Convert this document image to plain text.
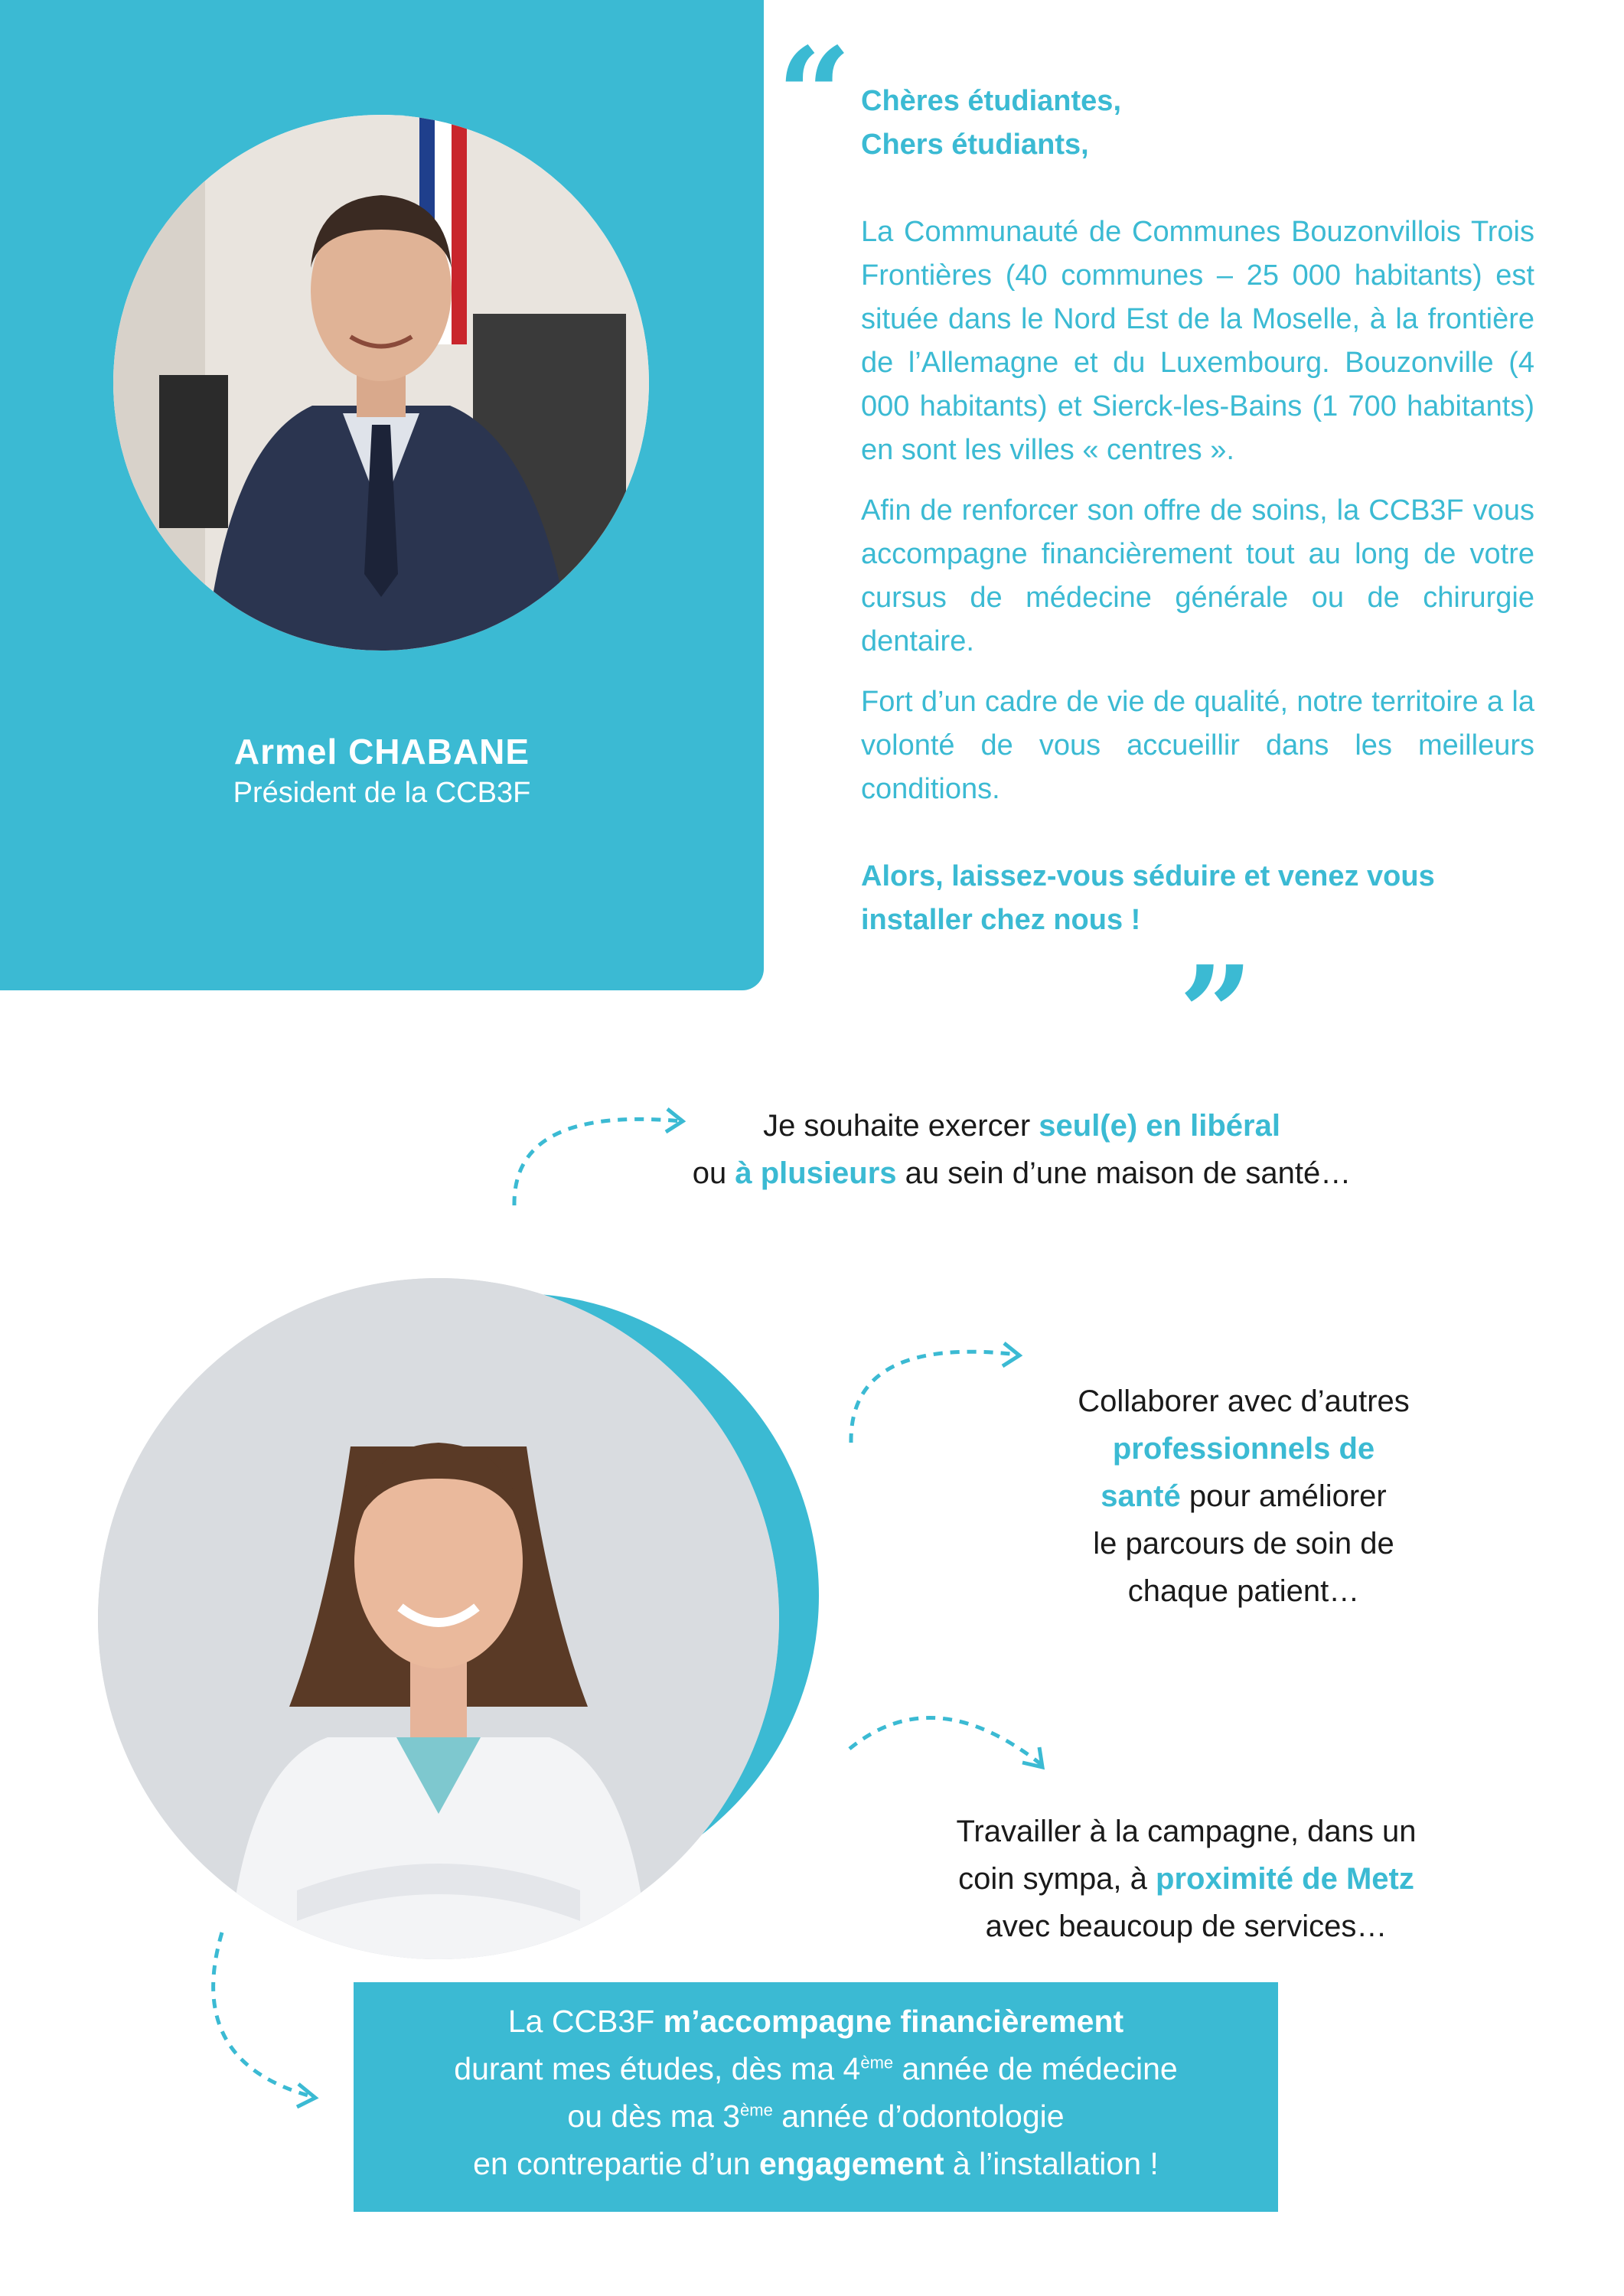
Armel CHABANE
Président de la CCB3F
“ Chères étudiantes,
Chers étudiants,

La Communauté de Communes Bouzonvillois Trois Frontières (40 communes – 25 000 habitants) est située dans le Nord Est de la Moselle, à la frontière de l’Allemagne et du Luxembourg. Bouzonville (4 000 habitants) et Sierck-les-Bains (1 700 habitants) en sont les villes « centres ».

Afin de renforcer son offre de soins, la CCB3F vous accompagne financièrement tout au long de votre cursus de médecine générale ou de chirurgie dentaire.

Fort d’un cadre de vie de qualité, notre territoire a la volonté de vous accueillir dans les meilleurs conditions.

Alors, laissez-vous séduire et venez vous installer chez nous !

”
Je souhaite exercer seul(e) en libéral
ou à plusieurs au sein d’une maison de santé…
Collaborer avec d’autres
professionnels de
santé pour améliorer
le parcours de soin de
chaque patient…
Travailler à la campagne, dans un
coin sympa, à proximité de Metz
avec beaucoup de services…
La CCB3F m’accompagne financièrement
durant mes études, dès ma 4ème année de médecine
ou dès ma 3ème année d’odontologie
en contrepartie d’un engagement à l’installation !
